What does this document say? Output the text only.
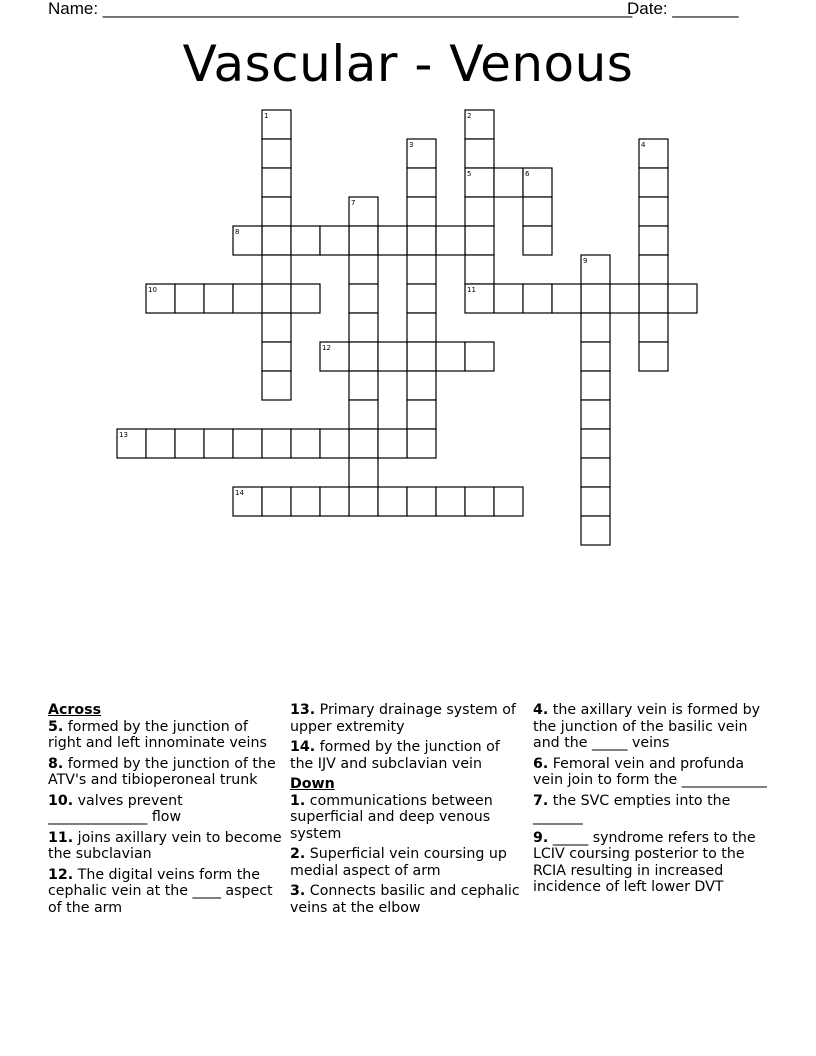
Name: ________________________________________________________
Date: _______
Vascular - Venous
1	2
3	4
5	6
7
8
9
10	11
12
13
14
Across
5. formed by the junction of right and left innominate veins
8. formed by the junction of the ATV's and tibioperoneal trunk
10. valves prevent ______________ flow
11. joins axillary vein to become the subclavian
12. The digital veins form the cephalic vein at the ____ aspect of the arm
13. Primary drainage system of upper extremity
14. formed by the junction of the IJV and subclavian vein
Down
1. communications between superficial and deep venous system
2. Superficial vein coursing up medial aspect of arm
3. Connects basilic and cephalic veins at the elbow
4. the axillary vein is formed by the junction of the basilic vein and the _____ veins
6. Femoral vein and profunda vein join to form the ____________
7. the SVC empties into the _______
9. _____ syndrome refers to the LCIV coursing posterior to the RCIA resulting in increased incidence of left lower DVT
